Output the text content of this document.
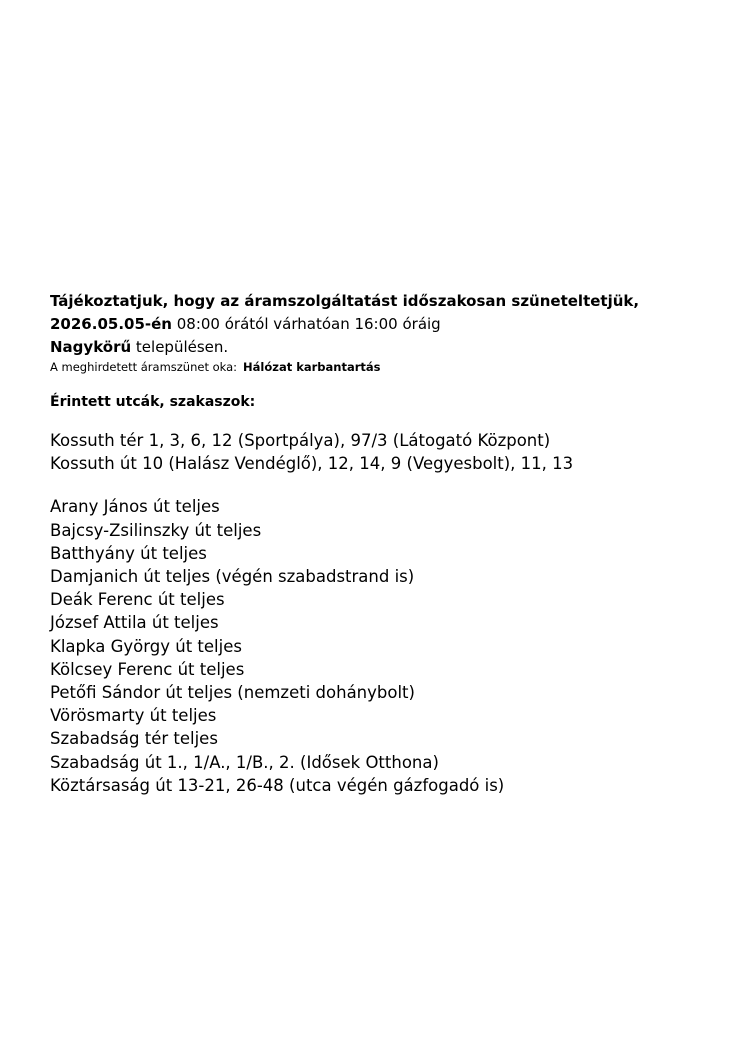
Tájékoztatjuk, hogy az áramszolgáltatást időszakosan szüneteltetjük,
2026.05.05-én 08:00 órától várhatóan 16:00 óráig
Nagykörű településen.
A meghirdetett áramszünet oka: Hálózat karbantartás
Érintett utcák, szakaszok:
Kossuth tér 1, 3, 6, 12 (Sportpálya), 97/3 (Látogató Központ)
Kossuth út 10 (Halász Vendéglő), 12, 14, 9 (Vegyesbolt), 11, 13
Arany János út teljes
Bajcsy-Zsilinszky út teljes
Batthyány út teljes
Damjanich út teljes (végén szabadstrand is)
Deák Ferenc út teljes
József Attila út teljes
Klapka György út teljes
Kölcsey Ferenc út teljes
Petőfi Sándor út teljes (nemzeti dohánybolt)
Vörösmarty út teljes
Szabadság tér teljes
Szabadság út 1., 1/A., 1/B., 2. (Idősek Otthona)
Köztársaság út 13-21, 26-48 (utca végén gázfogadó is)
